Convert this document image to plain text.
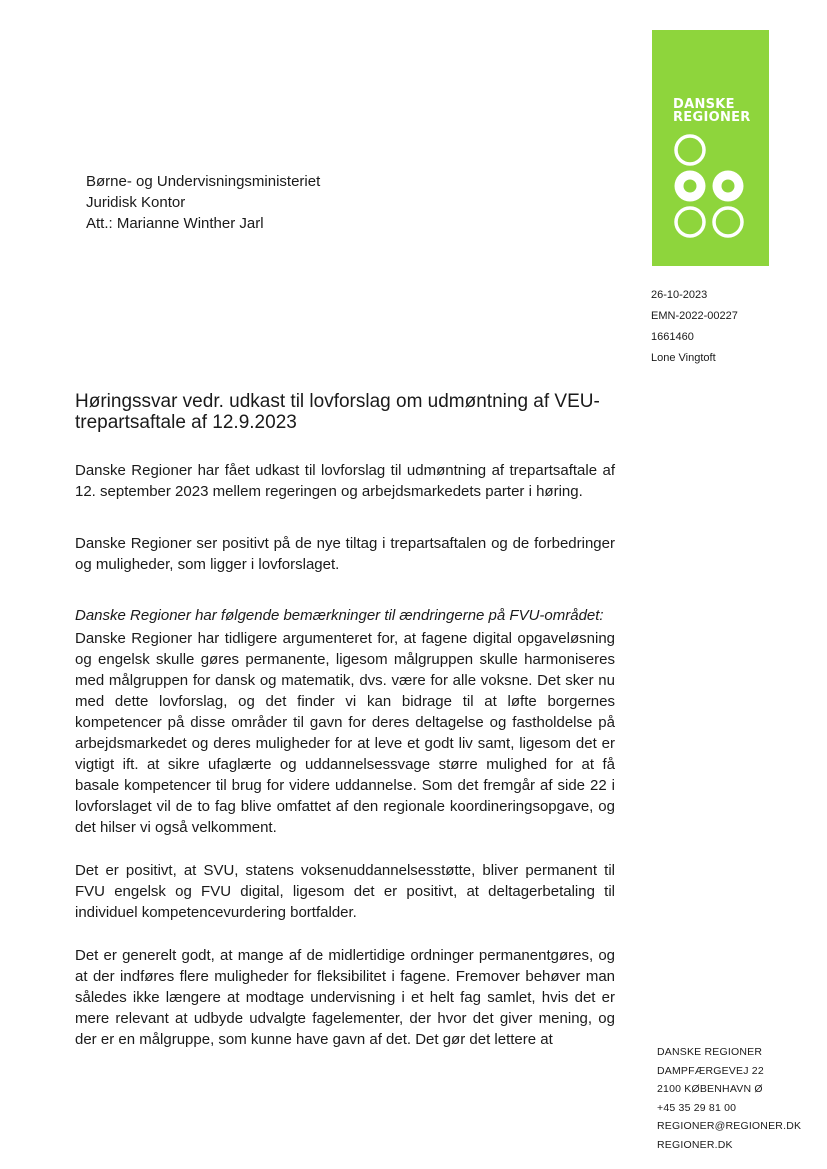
DANSKE
REGIONER
Børne- og Undervisningsministeriet
Juridisk Kontor
Att.: Marianne Winther Jarl
26-10-2023
EMN-2022-00227
1661460
Lone Vingtoft
Høringssvar vedr. udkast til lovforslag om udmøntning af VEU-trepartsaftale af 12.9.2023

Danske Regioner har fået udkast til lovforslag til udmøntning af trepartsaftale af 12. september 2023 mellem regeringen og arbejdsmarkedets parter i høring.

Danske Regioner ser positivt på de nye tiltag i trepartsaftalen og de forbedringer og muligheder, som ligger i lovforslaget.

Danske Regioner har følgende bemærkninger til ændringerne på FVU-området:

Danske Regioner har tidligere argumenteret for, at fagene digital opgaveløsning og engelsk skulle gøres permanente, ligesom målgruppen skulle harmoniseres med målgruppen for dansk og matematik, dvs. være for alle voksne. Det sker nu med dette lovforslag, og det finder vi kan bidrage til at løfte borgernes kompetencer på disse områder til gavn for deres deltagelse og fastholdelse på arbejdsmarkedet og deres muligheder for at leve et godt liv samt, ligesom det er vigtigt ift. at sikre ufaglærte og uddannelsessvage større mulighed for at få basale kompetencer til brug for videre uddannelse. Som det fremgår af side 22 i lovforslaget vil de to fag blive omfattet af den regionale koordineringsopgave, og det hilser vi også velkomment.

Det er positivt, at SVU, statens voksenuddannelsesstøtte, bliver permanent til FVU engelsk og FVU digital, ligesom det er positivt, at deltagerbetaling til individuel kompetencevurdering bortfalder.

Det er generelt godt, at mange af de midlertidige ordninger permanentgøres, og at der indføres flere muligheder for fleksibilitet i fagene. Fremover behøver man således ikke længere at modtage undervisning i et helt fag samlet, hvis det er mere relevant at udbyde udvalgte fagelementer, der hvor det giver mening, og der er en målgruppe, som kunne have gavn af det. Det gør det lettere at

DANSKE REGIONER
DAMPFÆRGEVEJ 22
2100 KØBENHAVN Ø
+45 35 29 81 00
REGIONER@REGIONER.DK
REGIONER.DK
